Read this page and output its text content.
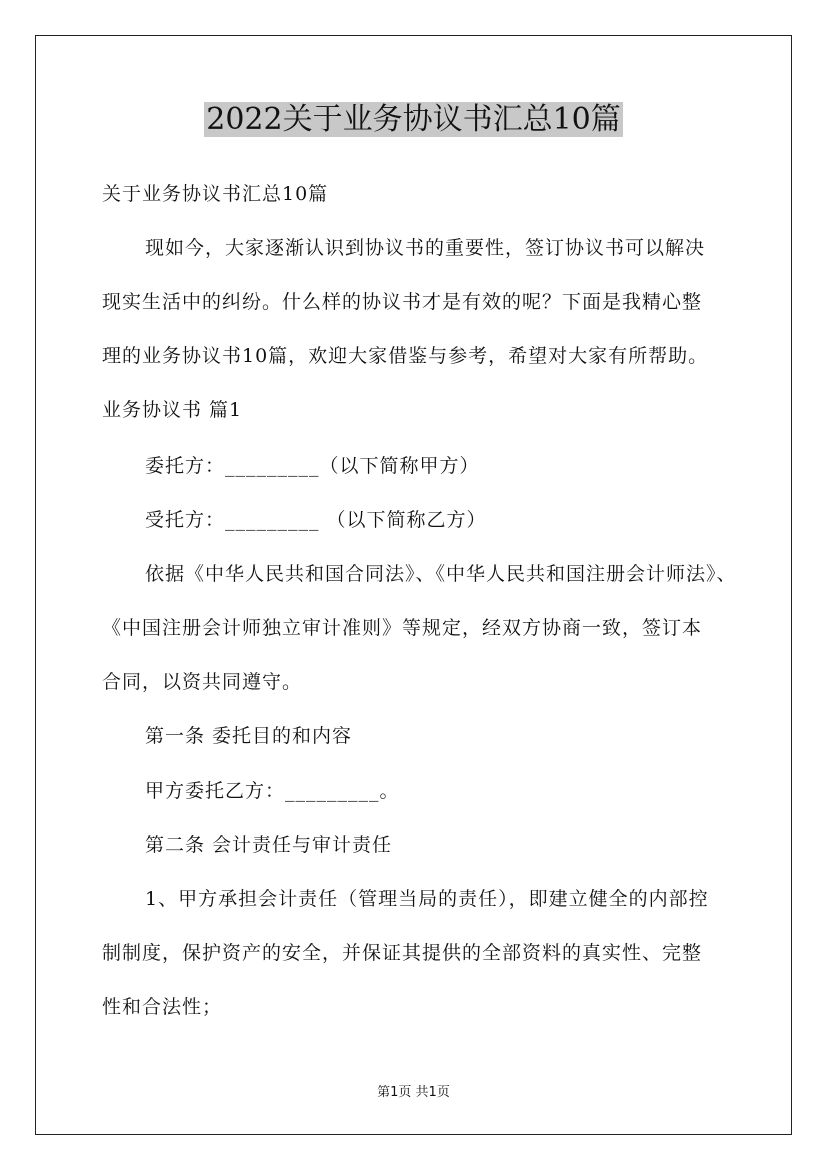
2022关于业务协议书汇总10篇
关于业务协议书汇总10篇
现如今，大家逐渐认识到协议书的重要性，签订协议书可以解决
现实生活中的纠纷。什么样的协议书才是有效的呢？下面是我精心整
理的业务协议书10篇，欢迎大家借鉴与参考，希望对大家有所帮助。
业务协议书 篇1
委托方：_________（以下简称甲方）
受托方：_________ （以下简称乙方）
依据《中华人民共和国合同法》、《中华人民共和国注册会计师法》、
《中国注册会计师独立审计准则》等规定，经双方协商一致，签订本
合同，以资共同遵守。
第一条 委托目的和内容
甲方委托乙方：_________。
第二条 会计责任与审计责任
1、甲方承担会计责任（管理当局的责任），即建立健全的内部控
制制度，保护资产的安全，并保证其提供的全部资料的真实性、完整
性和合法性；
第1页 共1页
